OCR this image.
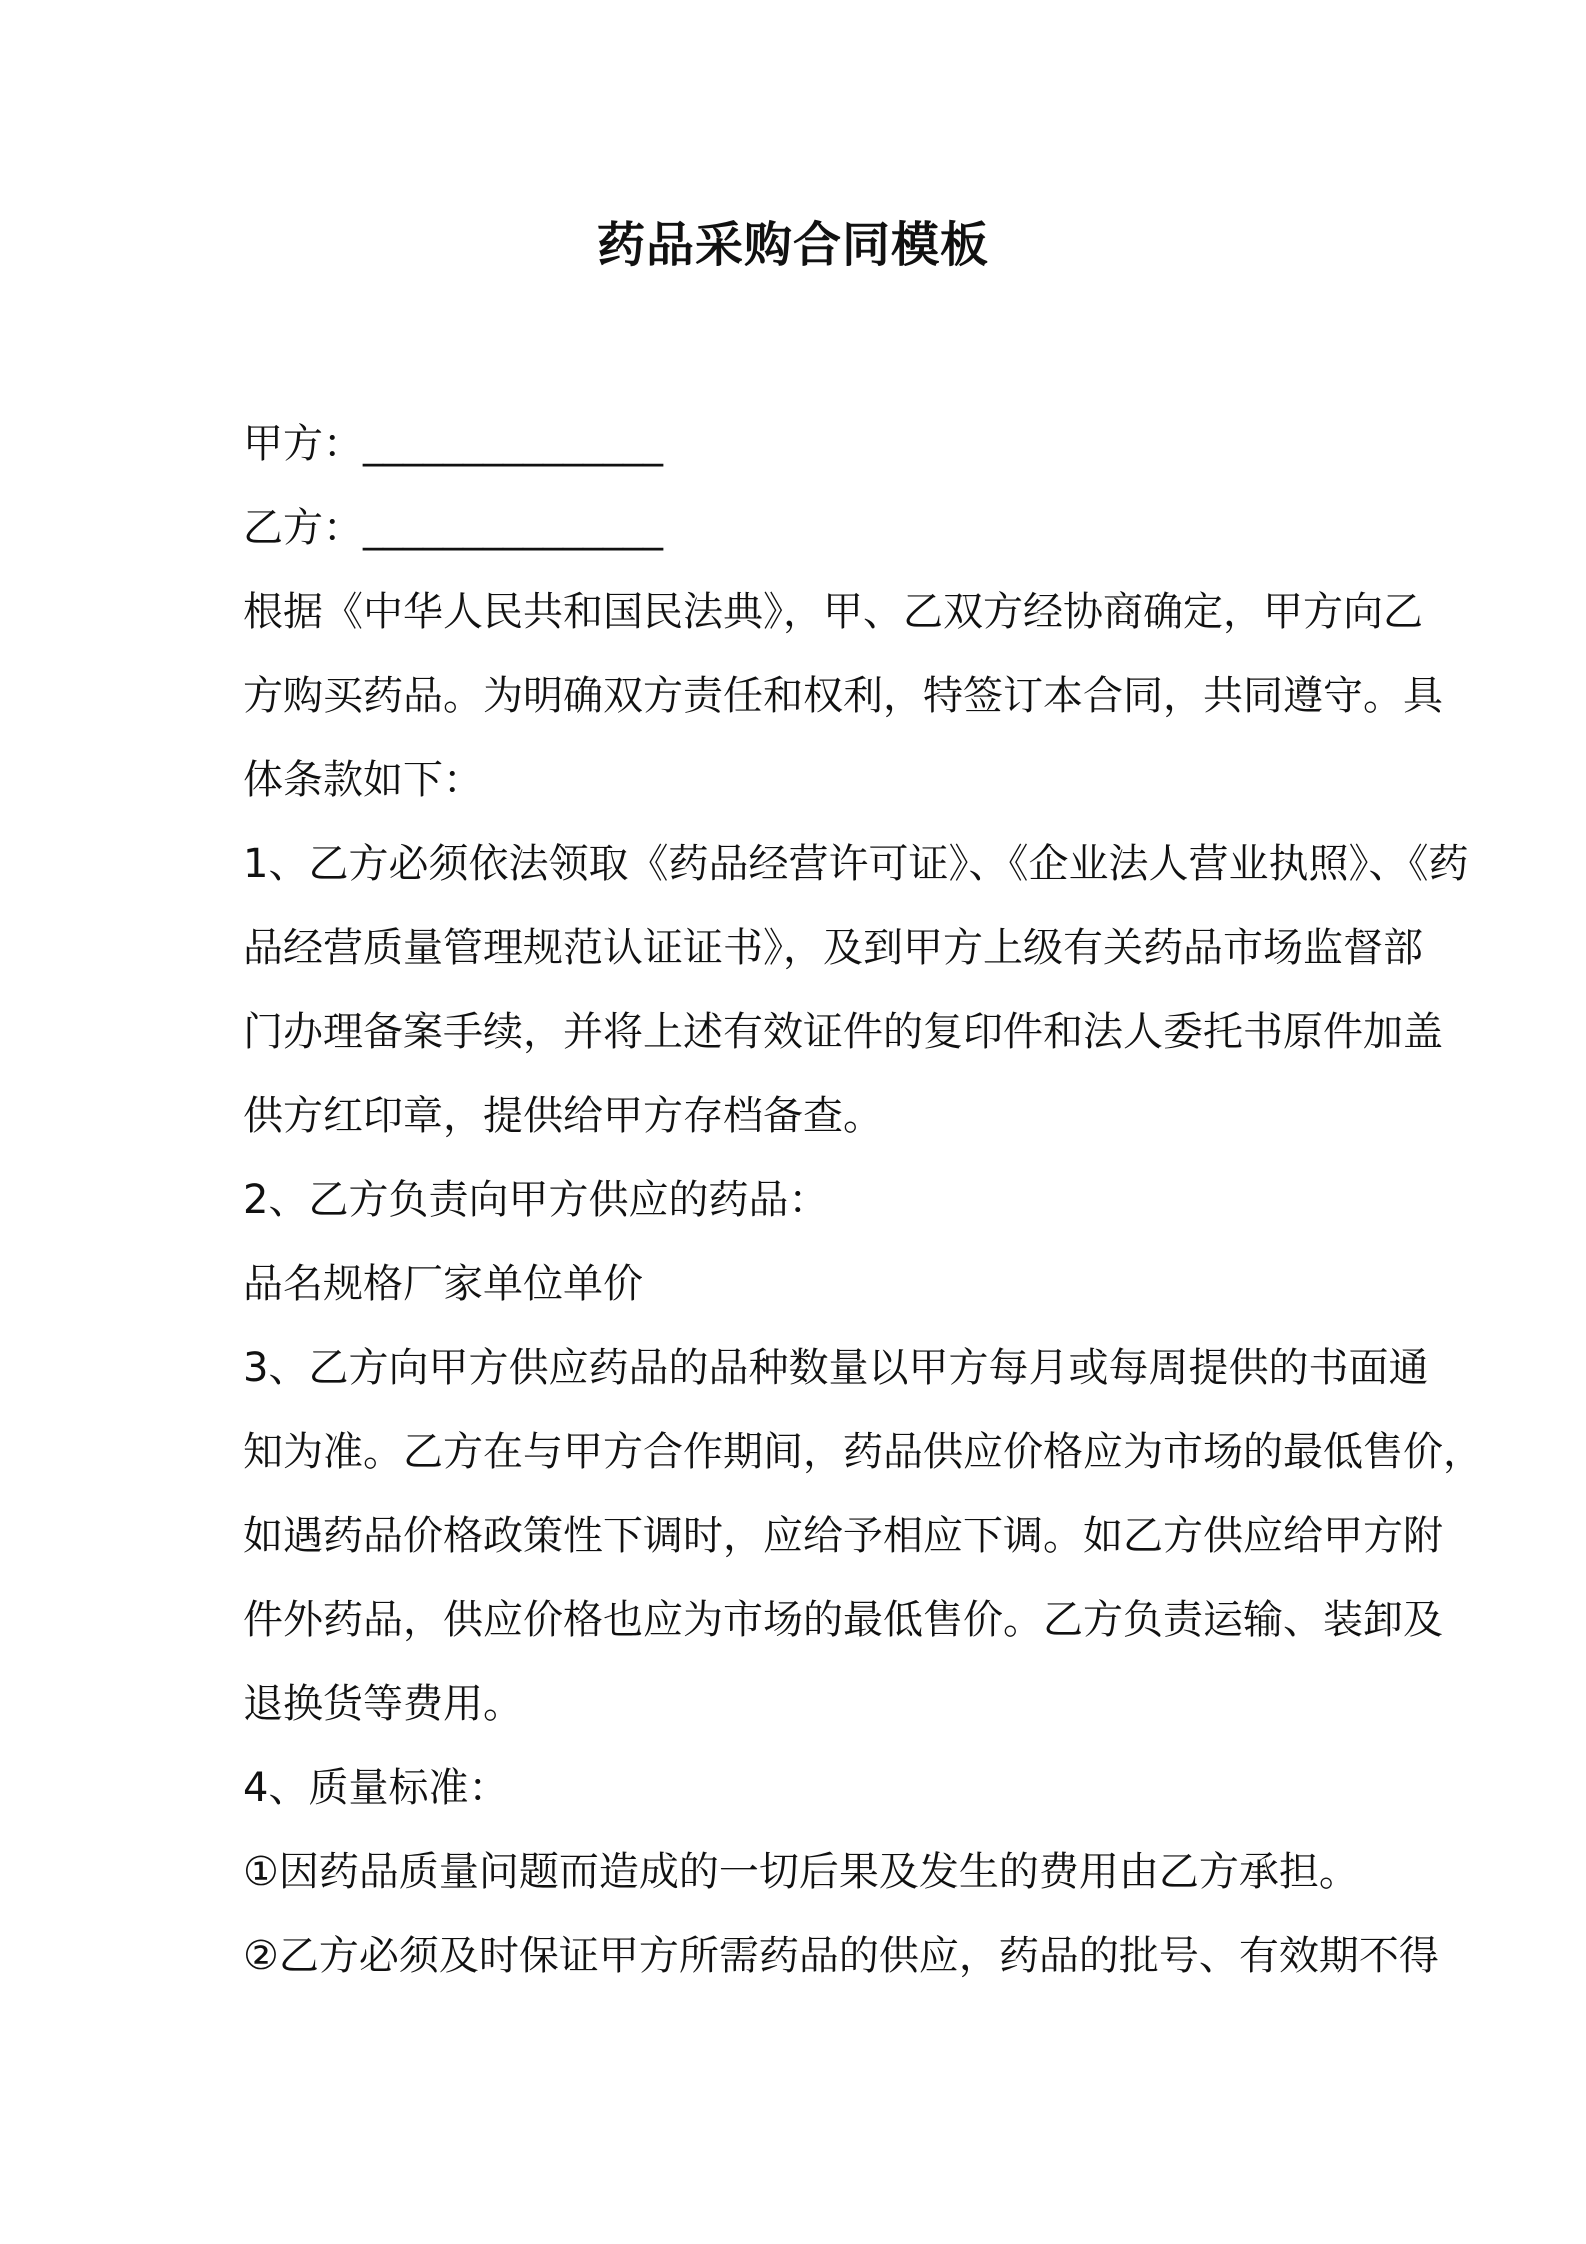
药品采购合同模板
甲方：_______________
乙方：_______________
根据《中华人民共和国民法典》，甲、乙双方经协商确定，甲方向乙
方购买药品。为明确双方责任和权利，特签订本合同，共同遵守。具
体条款如下：
1、乙方必须依法领取《药品经营许可证》、《企业法人营业执照》、《药
品经营质量管理规范认证证书》，及到甲方上级有关药品市场监督部
门办理备案手续，并将上述有效证件的复印件和法人委托书原件加盖
供方红印章，提供给甲方存档备查。
2、乙方负责向甲方供应的药品：
品名规格厂家单位单价
3、乙方向甲方供应药品的品种数量以甲方每月或每周提供的书面通
知为准。乙方在与甲方合作期间，药品供应价格应为市场的最低售价，
如遇药品价格政策性下调时，应给予相应下调。如乙方供应给甲方附
件外药品，供应价格也应为市场的最低售价。乙方负责运输、装卸及
退换货等费用。
4、质量标准：
①因药品质量问题而造成的一切后果及发生的费用由乙方承担。
②乙方必须及时保证甲方所需药品的供应，药品的批号、有效期不得
